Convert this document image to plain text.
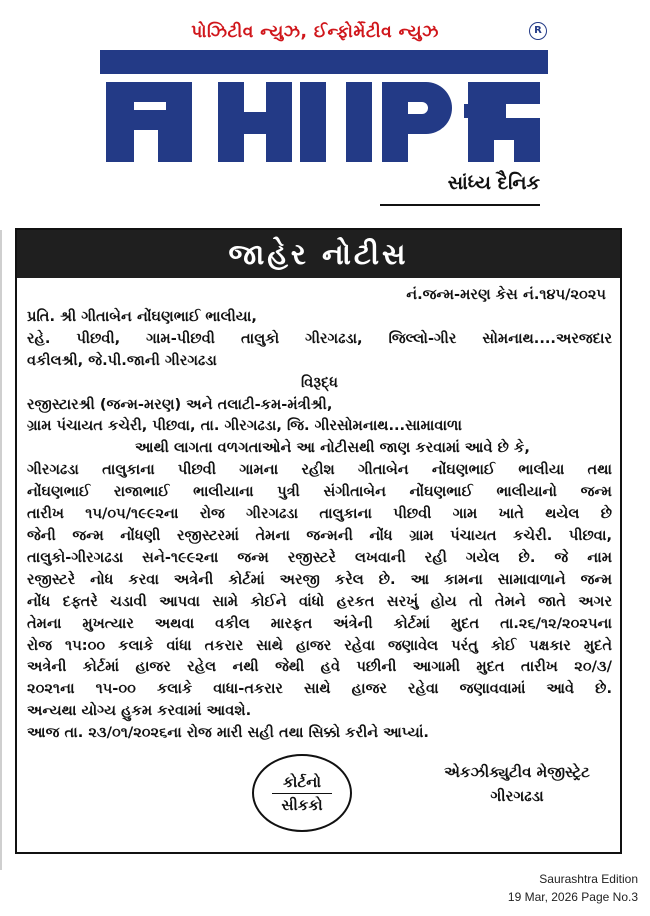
પોઝિટીવ ન્યુઝ, ઈન્ફોર્મેટીવ ન્યુઝ	R
સાંધ્ય દૈનિક
જાહેર નોટીસ
નં.જન્મ-મરણ કેસ નં.૧૪૫/૨૦૨૫
પ્રતિ. શ્રી ગીતાબેન નોંઘણભાઈ ભાલીયા,
રહે. પીછવી, ગામ-પીછવી તાલુકો ગીરગઢડા, જિલ્લો-ગીર સોમનાથ....અરજદાર
વકીલશ્રી, જે.પી.જાની ગીરગઢડા
વિરૂદ્ધ
રજીસ્ટારશ્રી (જન્મ-મરણ) અને તલાટી-કમ-મંત્રીશ્રી,
ગ્રામ પંચાયત કચેરી, પીછવા, તા. ગીરગઢડા, જિ. ગીરસોમનાથ...સામાવાળા
આથી લાગતા વળગતાઓને આ નોટીસથી જાણ કરવામાં આવે છે કે,
ગીરગઢડા તાલુકાના પીછવી ગામના રહીશ ગીતાબેન નોંઘણભાઈ ભાલીયા તથા
નોંઘણભાઈ રાજાભાઈ ભાલીયાના પુત્રી સંગીતાબેન નોંઘણભાઈ ભાલીયાનો જન્મ
તારીખ ૧૫/૦૫/૧૯૯૨ના રોજ ગીરગઢડા તાલુકાના પીછવી ગામ ખાતે થયેલ છે
જેની જન્મ નોંધણી રજીસ્ટરમાં તેમના જન્મની નોંધ ગ્રામ પંચાયત કચેરી. પીછવા,
તાલુકો-ગીરગઢડા સને-૧૯૯૨ના જન્મ રજીસ્ટરે લખવાની રહી ગયેલ છે. જે નામ
રજીસ્ટરે નોધ કરવા અત્રેની કોર્ટમાં અરજી કરેલ છે. આ કામના સામાવાળાને જન્મ
નોંધ દફ્તરે ચડાવી આપવા સામે કોઈને વાંધો હરકત સરખું હોય તો તેમને જાતે અગર
તેમના મુખત્યાર અથવા વકીલ મારફત અંત્રેની કોર્ટમાં મુદત તા.૨૬/૧૨/૨૦૨૫ના
રોજ ૧૫:૦૦ કલાકે વાંધા તકરાર સાથે હાજર રહેવા જણાવેલ પરંતુ કોઈ પક્ષકાર મુદતે
અત્રેની કોર્ટમાં હાજર રહેલ નથી જેથી હવે પછીની આગામી મુદત તારીખ ૨૦/૩/
૨૦૨૧ના ૧૫-૦૦ કલાકે વાધા-તકરાર સાથે હાજર રહેવા જણાવવામાં આવે છે.
અન્યથા યોગ્ય હુકમ કરવામાં આવશે.
આજ તા. ૨૩/૦૧/૨૦૨૬ના રોજ મારી સહી તથા સિક્કો કરીને આપ્યાં.
કોર્ટનો
સીકકો
એકઝીક્યુટીવ મેજીસ્ટ્રેટ
ગીરગઢડા
Saurashtra Edition
19 Mar, 2026 Page No.3
